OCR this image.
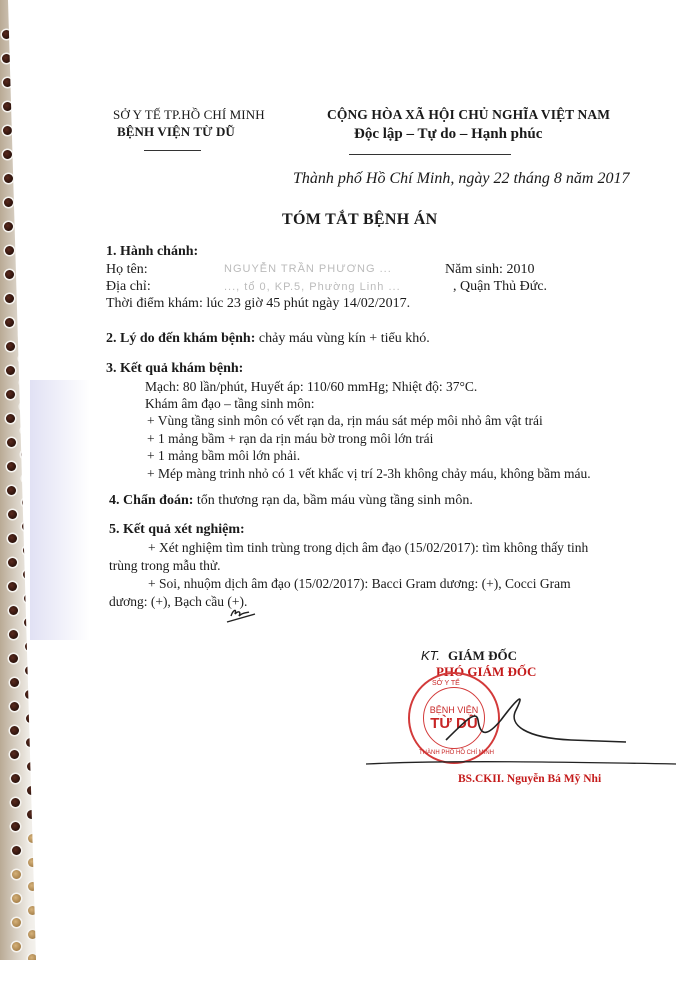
SỞ Y TẾ TP.HỒ CHÍ MINH
BỆNH VIỆN TỪ DŨ
CỘNG HÒA XÃ HỘI CHỦ NGHĨA VIỆT NAM
Độc lập – Tự do – Hạnh phúc
Thành phố Hồ Chí Minh, ngày 22 tháng 8 năm 2017
TÓM TẮT BỆNH ÁN
1. Hành chánh:
Họ tên:	NGUYỄN TRẦN PHƯƠNG ...	Năm sinh: 2010
Địa chỉ:	..., tổ 0, KP.5, Phường Linh ...	, Quận Thủ Đức.
Thời điểm khám: lúc 23 giờ 45 phút ngày 14/02/2017.
2. Lý do đến khám bệnh: chảy máu vùng kín + tiểu khó.
3. Kết quả khám bệnh:
Mạch: 80 lần/phút, Huyết áp: 110/60 mmHg; Nhiệt độ: 37°C.
Khám âm đạo – tầng sinh môn:
+ Vùng tầng sinh môn có vết rạn da, rịn máu sát mép môi nhỏ âm vật trái
+ 1 mảng bầm + rạn da rịn máu bờ trong môi lớn trái
+ 1 mảng bầm môi lớn phải.
+ Mép màng trinh nhỏ có 1 vết khấc vị trí 2-3h không chảy máu, không bầm máu.
4. Chẩn đoán: tổn thương rạn da, bầm máu vùng tầng sinh môn.
5. Kết quả xét nghiệm:
+ Xét nghiệm tìm tinh trùng trong dịch âm đạo (15/02/2017): tìm không thấy tinh
trùng trong mẫu thử.
+ Soi, nhuộm dịch âm đạo (15/02/2017): Bacci Gram dương: (+), Cocci Gram
dương: (+), Bạch cầu (+).
KT. GIÁM ĐỐC
PHÓ GIÁM ĐỐC
SỞ Y TẾ
THÀNH PHỐ HỒ CHÍ MINH
BỆNH VIỆN
TỪ DŨ
BS.CKII. Nguyễn Bá Mỹ Nhi
